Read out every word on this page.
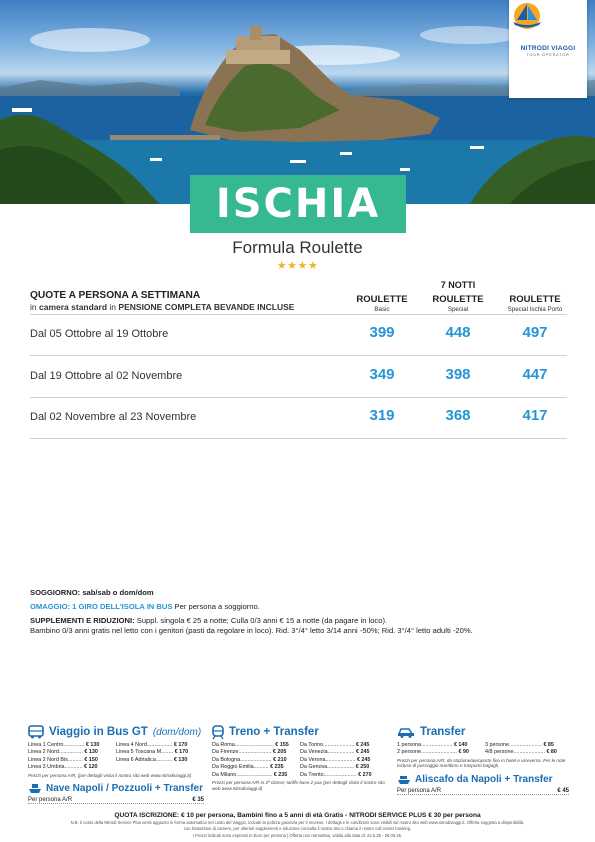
NITRODI VIAGGI
TOUR OPERATOR
ISCHIA
Formula Roulette
★★★★
QUOTE A PERSONA A SETTIMANA
in camera standard in PENSIONE COMPLETA BEVANDE INCLUSE
7 NOTTI
ROULETTE
Basic
ROULETTE
Special
ROULETTE
Special Ischia Porto
Dal 05 Ottobre al 19 Ottobre	399	448	497
Dal 19 Ottobre al 02 Novembre	349	398	447
Dal 02 Novembre al 23 Novembre	319	368	417

SOGGIORNO: sab/sab o dom/dom

OMAGGIO: 1 GIRO DELL'ISOLA IN BUS Per persona a soggiorno.

SUPPLEMENTI E RIDUZIONI: Suppl. singola € 25 a notte; Culla 0/3 anni € 15 a notte (da pagare in loco).
Bambino 0/3 anni gratis nel letto con i genitori (pasti da regolare in loco). Rid. 3°/4° letto 3/14 anni -50%; Rid. 3°/4° letto adulti -20%.

Viaggio in Bus GT (dom/dom)
Linea 1 Centro.............. € 130	Linea 4 Nord................. € 170
Linea 2 Nord................ € 130	Linea 5 Toscana M........ € 170
Linea 2 Nord Bis.......... € 150	Linea 6 Adriatica........... € 130
Linea 3 Umbria............ € 120
Prezzi per persona A/R, (per dettagli visita il nostro sito web www.nitrodiviaggi.it)
Nave Napoli / Pozzuoli + Transfer
Per persona A/R	€ 35
Treno + Transfer
Da Roma.......................... € 155	Da Torino..................... € 245
Da Firenze...................... € 205	Da Venezia.................. € 245
Da Bologna..................... € 210	Da Verona.................... € 245
Da Reggio Emilia.......... € 235	Da Genova.................. € 250
Da Milano........................ € 235	Da Trento...................... € 270
Prezzi per persona A/R in 2ª classe; tariffe base 2 pax (per dettagli visita il nostro sito web www.nitrodiviaggi.it)
Transfer
1 persona..................... € 140	3 persone...................... € 85
2 persone........................ € 90	4/8 persone..................... € 80
Prezzi per persona A/R, da stazione/aeroporto fino in hotel e viceversa. Per le note incluso di passaggio marittimo e trasporto bagagli.
Aliscafo da Napoli + Transfer
Per persona A/R	€ 45
QUOTA ISCRIZIONE: € 10 per persona, Bambini fino a 5 anni di età Gratis - NITRODI SERVICE PLUS € 30 per persona
N.B. Il costo della Nitrodi Service Plus verrà aggiunto in forma automatica nel costo del viaggio, include la polizza garanzia per il recesso. I dettagli e le condizioni sono visibili sul nostro sito web www.nitrodiviaggi.it. Offerta soggetta a disponibilità,
con limitazione di camere, per ulteriori supplementi e riduzione consulta il nostro sito o chiama il nostro call center booking.
I Prezzi indicati sono espressi in Euro per persona | Offerta non retroattiva, valida alla data di: 22.5.25 - 29.09.25.
